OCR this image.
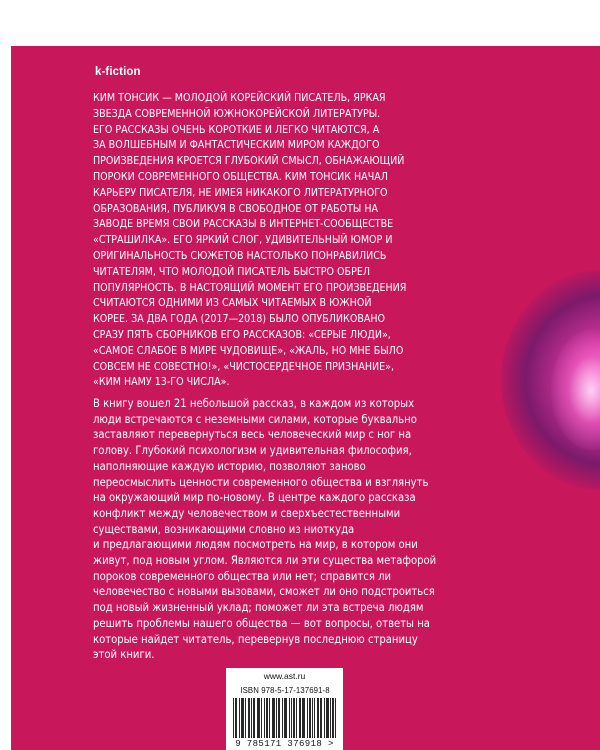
k-fiction

КИМ ТОНСИК — МОЛОДОЙ КОРЕЙСКИЙ ПИСАТЕЛЬ, ЯРКАЯ

ЗВЕЗДА СОВРЕМЕННОЙ ЮЖНОКОРЕЙСКОЙ ЛИТЕРАТУРЫ.

ЕГО РАССКАЗЫ ОЧЕНЬ КОРОТКИЕ И ЛЕГКО ЧИТАЮТСЯ, А

ЗА ВОЛШЕБНЫМ И ФАНТАСТИЧЕСКИМ МИРОМ КАЖДОГО

ПРОИЗВЕДЕНИЯ КРОЕТСЯ ГЛУБОКИЙ СМЫСЛ, ОБНАЖАЮЩИЙ

ПОРОКИ СОВРЕМЕННОГО ОБЩЕСТВА. КИМ ТОНСИК НАЧАЛ

КАРЬЕРУ ПИСАТЕЛЯ, НЕ ИМЕЯ НИКАКОГО ЛИТЕРАТУРНОГО

ОБРАЗОВАНИЯ, ПУБЛИКУЯ В СВОБОДНОЕ ОТ РАБОТЫ НА

ЗАВОДЕ ВРЕМЯ СВОИ РАССКАЗЫ В ИНТЕРНЕТ-СООБЩЕСТВЕ

«СТРАШИЛКА». ЕГО ЯРКИЙ СЛОГ, УДИВИТЕЛЬНЫЙ ЮМОР И

ОРИГИНАЛЬНОСТЬ СЮЖЕТОВ НАСТОЛЬКО ПОНРАВИЛИСЬ

ЧИТАТЕЛЯМ, ЧТО МОЛОДОЙ ПИСАТЕЛЬ БЫСТРО ОБРЕЛ

ПОПУЛЯРНОСТЬ. В НАСТОЯЩИЙ МОМЕНТ ЕГО ПРОИЗВЕДЕНИЯ

СЧИТАЮТСЯ ОДНИМИ ИЗ САМЫХ ЧИТАЕМЫХ В ЮЖНОЙ

КОРЕЕ. ЗА ДВА ГОДА (2017—2018) БЫЛО ОПУБЛИКОВАНО

СРАЗУ ПЯТЬ СБОРНИКОВ ЕГО РАССКАЗОВ: «СЕРЫЕ ЛЮДИ»,

«САМОЕ СЛАБОЕ В МИРЕ ЧУДОВИЩЕ», «ЖАЛЬ, НО МНЕ БЫЛО

СОВСЕМ НЕ СОВЕСТНО!», «ЧИСТОСЕРДЕЧНОЕ ПРИЗНАНИЕ»,

«КИМ НАМУ 13-ГО ЧИСЛА».

В книгу вошел 21 небольшой рассказ, в каждом из которых

люди встречаются с неземными силами, которые буквально

заставляют перевернуться весь человеческий мир с ног на

голову. Глубокий психологизм и удивительная философия,

наполняющие каждую историю, позволяют заново

переосмыслить ценности современного общества и взглянуть

на окружающий мир по-новому. В центре каждого рассказа

конфликт между человечеством и сверхъестественными

существами, возникающими словно из ниоткуда

и предлагающими людям посмотреть на мир, в котором они

живут, под новым углом. Являются ли эти существа метафорой

пороков современного общества или нет; справится ли

человечество с новыми вызовами, сможет ли оно подстроиться

под новый жизненный уклад; поможет ли эта встреча людям

решить проблемы нашего общества — вот вопросы, ответы на

которые найдет читатель, перевернув последнюю страницу

этой книги.

www.ast.ru
ISBN 978-5-17-137691-8
9 785171 376918 >
